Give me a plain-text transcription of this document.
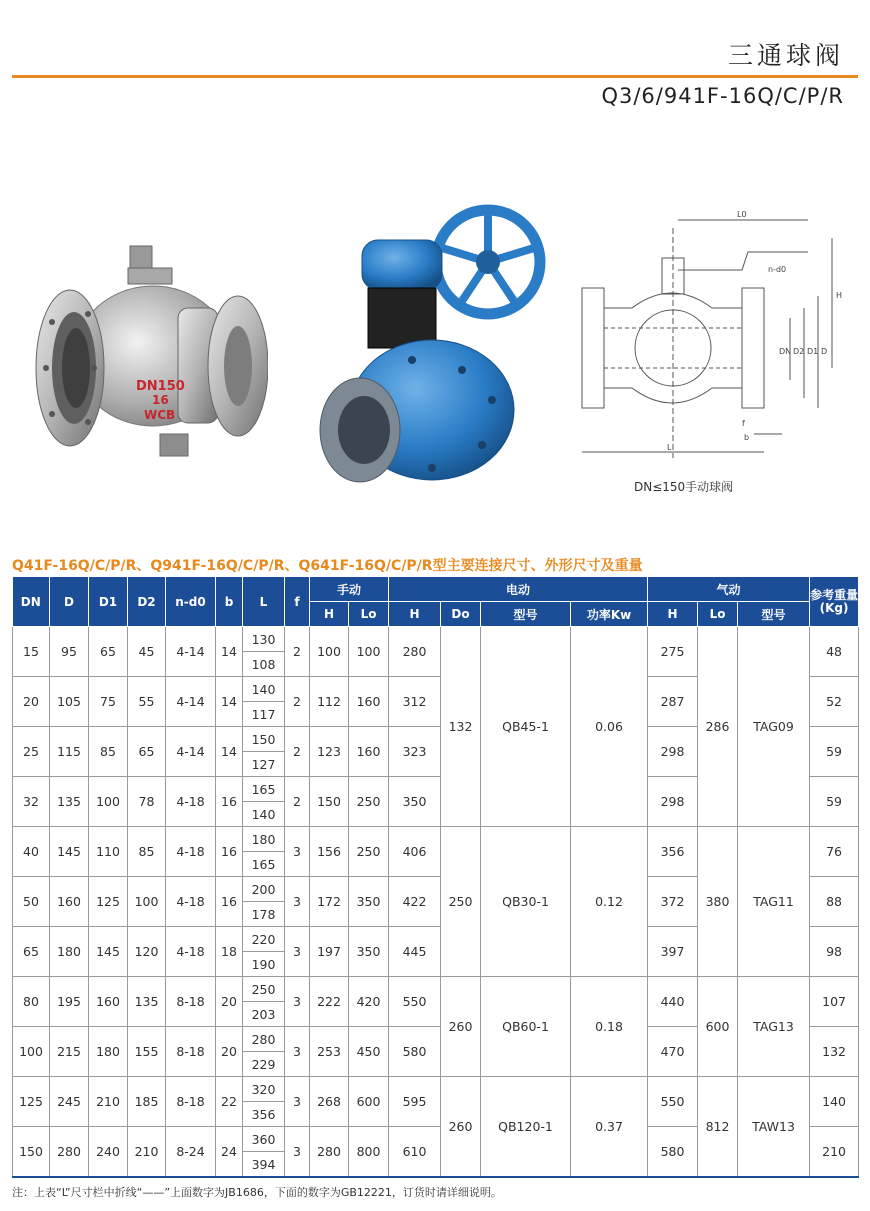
三通球阀
Q3/6/941F-16Q/C/P/R
DN150
16
WCB
L0
n-d0
H
DN D2 D1 D
f
b
L
DN≤150手动球阀
Q41F-16Q/C/P/R、Q941F-16Q/C/P/R、Q641F-16Q/C/P/R型主要连接尺寸、外形尺寸及重量
DN	D	D1	D2	n-d0	b	L	f	手动		电动				气动			参考重量(Kg)
								H	Lo	H	Do	型号	功率Kw	H	Lo	型号	
15	95	65	45	4-14	14	130	2	100	100	280	132	QB45-1	0.06	275	286	TAG09	48
						108											
20	105	75	55	4-14	14	140	2	112	160	312				287			52
						117											
25	115	85	65	4-14	14	150	2	123	160	323				298			59
						127											
32	135	100	78	4-18	16	165	2	150	250	350				298			59
						140											
40	145	110	85	4-18	16	180	3	156	250	406	250	QB30-1	0.12	356	380	TAG11	76
						165											
50	160	125	100	4-18	16	200	3	172	350	422				372			88
						178											
65	180	145	120	4-18	18	220	3	197	350	445				397			98
						190											
80	195	160	135	8-18	20	250	3	222	420	550	260	QB60-1	0.18	440	600	TAG13	107
						203											
100	215	180	155	8-18	20	280	3	253	450	580				470			132
						229											
125	245	210	185	8-18	22	320	3	268	600	595	260	QB120-1	0.37	550	812	TAW13	140
						356											
150	280	240	210	8-24	24	360	3	280	800	610				580			210
						394											
注：上表“L”尺寸栏中折线“——”上面数字为JB1686，下面的数字为GB12221，订货时请详细说明。
